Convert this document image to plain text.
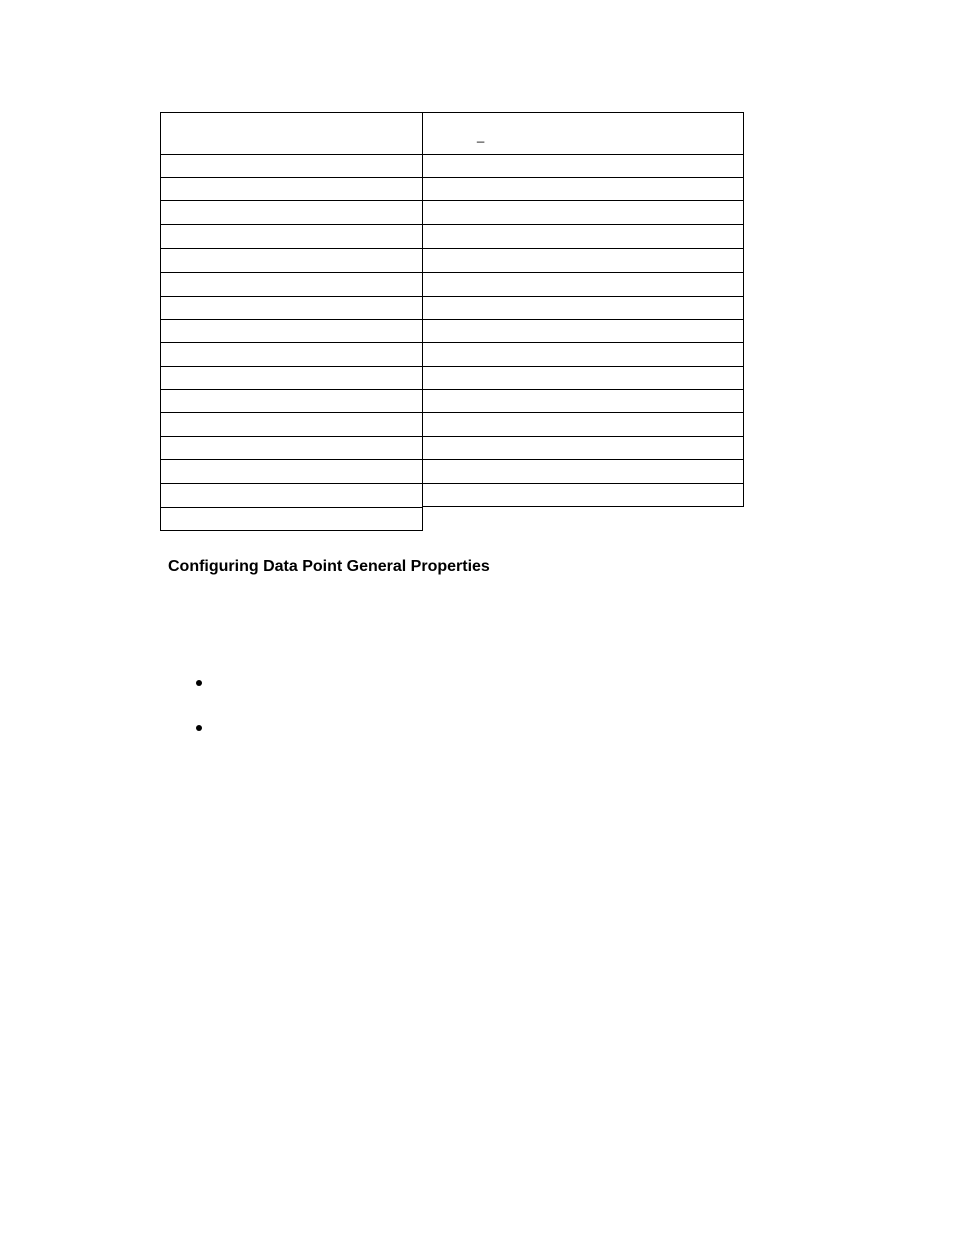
_
Configuring Data Point General Properties
